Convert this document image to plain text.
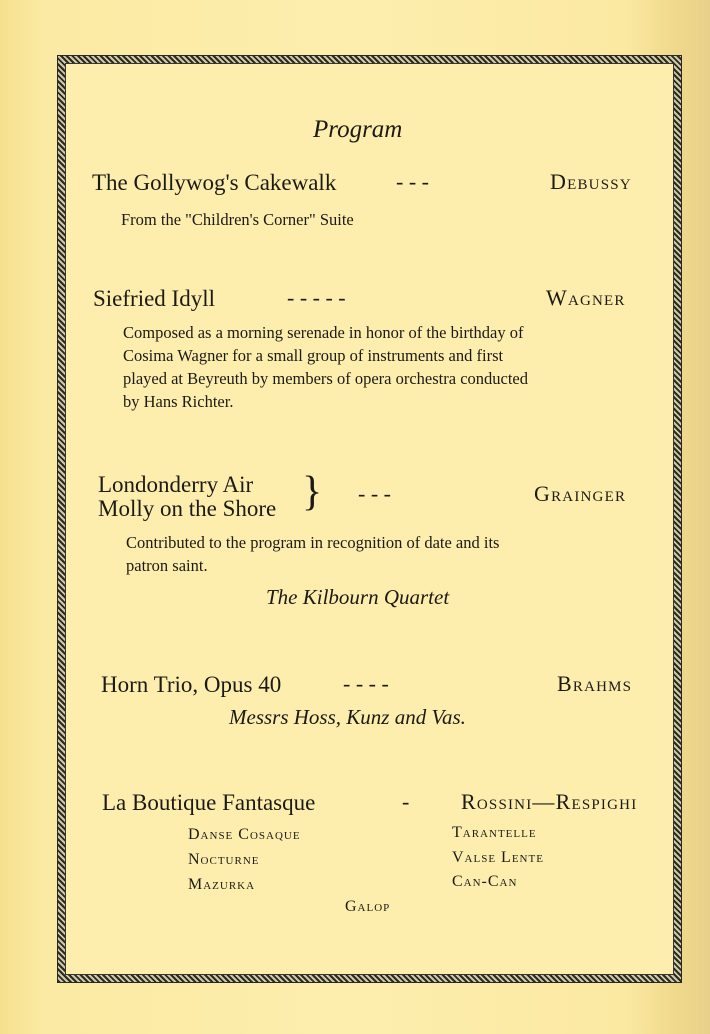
Program
The Gollywog's Cakewalk	- - -	Debussy
From the "Children's Corner" Suite
Siefried Idyll	- - - - -	Wagner
Composed as a morning serenade in honor of the birthday of
Cosima Wagner for a small group of instruments and first
played at Beyreuth by members of opera orchestra conducted
by Hans Richter.
Londonderry Air
Molly on the Shore } - - -	Grainger
Contributed to the program in recognition of date and its
patron saint.
The Kilbourn Quartet
Horn Trio, Opus 40	- - - -	Brahms
Messrs Hoss, Kunz and Vas.
La Boutique Fantasque	- Rossini—Respighi
Danse Cosaque
Nocturne
Mazurka
Tarantelle
Valse Lente
Can-Can
Galop
